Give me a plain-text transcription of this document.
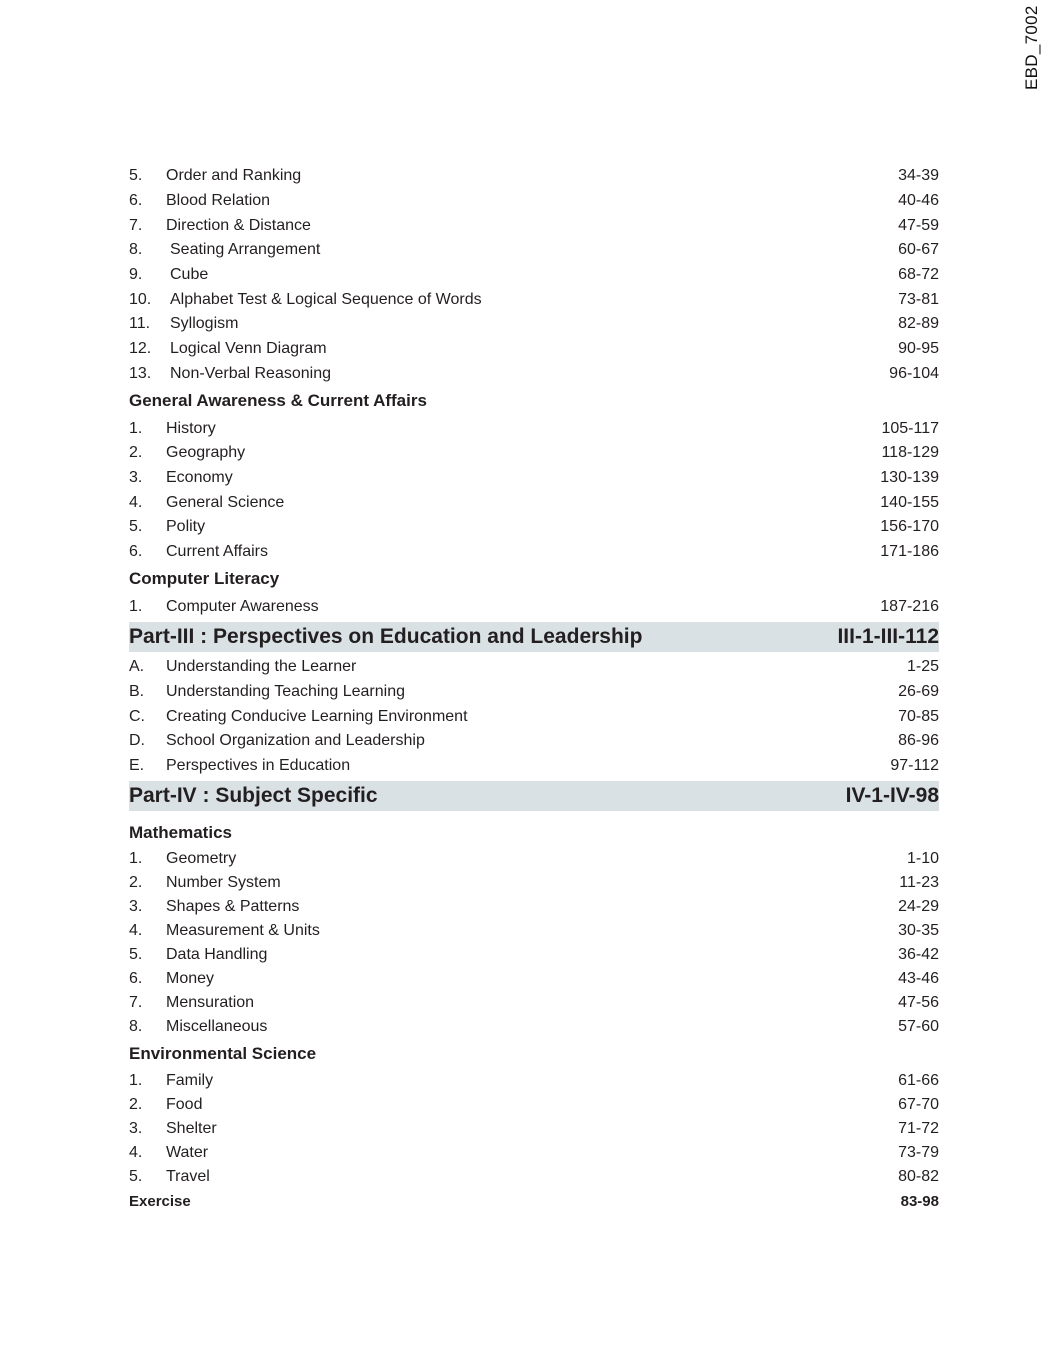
EBD_7002
5.	Order and Ranking	34-39
6.	Blood Relation	40-46
7.	Direction & Distance	47-59
8.	Seating Arrangement	60-67
9.	Cube	68-72
10.	Alphabet Test & Logical Sequence of Words	73-81
11.	Syllogism	82-89
12.	Logical Venn Diagram	90-95
13.	Non-Verbal Reasoning	96-104
General Awareness & Current Affairs
1.	History	105-117
2.	Geography	118-129
3.	Economy	130-139
4.	General Science	140-155
5.	Polity	156-170
6.	Current Affairs	171-186
Computer Literacy
1.	Computer Awareness	187-216
Part-III : Perspectives on Education and Leadership	III-1-III-112
A.	Understanding the Learner	1-25
B.	Understanding Teaching Learning	26-69
C.	Creating Conducive Learning Environment	70-85
D.	School Organization and Leadership	86-96
E.	Perspectives in Education	97-112
Part-IV : Subject Specific	IV-1-IV-98
Mathematics
1.	Geometry	1-10
2.	Number System	11-23
3.	Shapes & Patterns	24-29
4.	Measurement & Units	30-35
5.	Data Handling	36-42
6.	Money	43-46
7.	Mensuration	47-56
8.	Miscellaneous	57-60
Environmental Science
1.	Family	61-66
2.	Food	67-70
3.	Shelter	71-72
4.	Water	73-79
5.	Travel	80-82
Exercise	83-98
